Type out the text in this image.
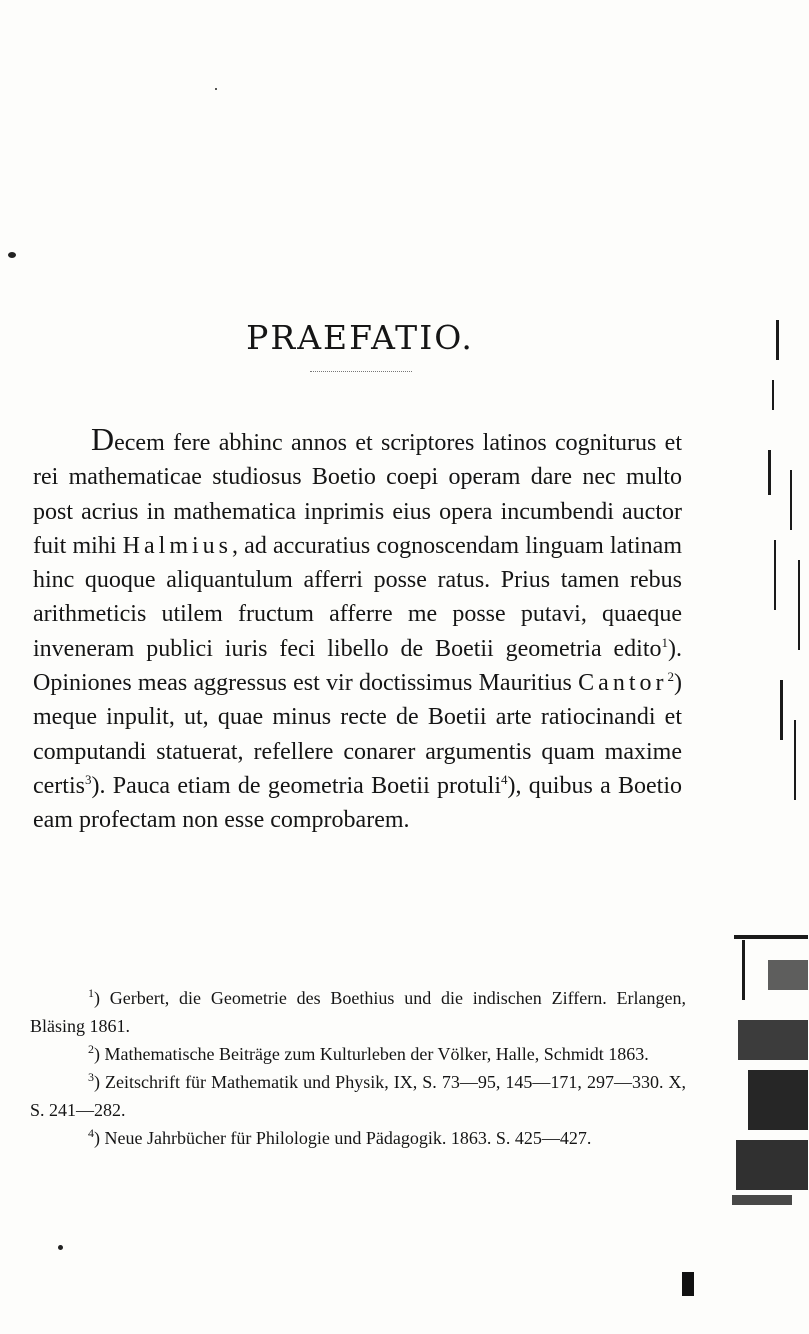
PRAEFATIO.

Decem fere abhinc annos et scriptores latinos cogniturus et rei mathematicae studiosus Boetio coepi operam dare nec multo post acrius in mathematica inprimis eius opera incumbendi auctor fuit mihi Halmius, ad accuratius cognoscendam linguam latinam hinc quoque aliquantulum afferri posse ratus. Prius tamen rebus arithmeticis utilem fructum afferre me posse putavi, quaeque inveneram publici iuris feci libello de Boetii geometria edito$^1$). Opiniones meas aggressus est vir doctissimus Mauritius Cantor$^2$) meque inpulit, ut, quae minus recte de Boetii arte ratiocinandi et computandi statuerat, refellere conarer argumentis quam maxime certis$^3$). Pauca etiam de geometria Boetii protuli$^4$), quibus a Boetio eam profectam non esse comprobarem.

$^1$) Gerbert, die Geometrie des Boethius und die indischen Ziffern. Erlangen, Bläsing 1861.

$^2$) Mathematische Beiträge zum Kulturleben der Völker, Halle, Schmidt 1863.

$^3$) Zeitschrift für Mathematik und Physik, IX, S. 73—95, 145—171, 297—330. X, S. 241—282.

$^4$) Neue Jahrbücher für Philologie und Pädagogik. 1863. S. 425—427.
